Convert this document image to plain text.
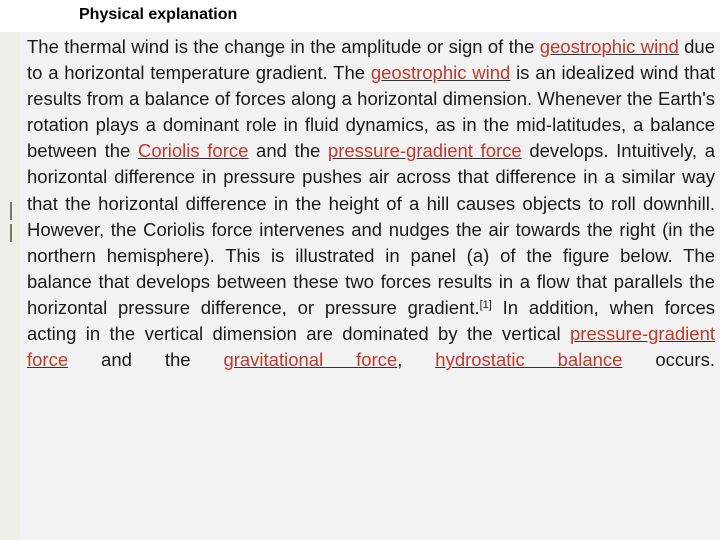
Physical explanation

The thermal wind is the change in the amplitude or sign of the geostrophic wind due to a horizontal temperature gradient. The geostrophic wind is an idealized wind that results from a balance of forces along a horizontal dimension. Whenever the Earth's rotation plays a dominant role in fluid dynamics, as in the mid-latitudes, a balance between the Coriolis force and the pressure-gradient force develops. Intuitively, a horizontal difference in pressure pushes air across that difference in a similar way that the horizontal difference in the height of a hill causes objects to roll downhill. However, the Coriolis force intervenes and nudges the air towards the right (in the northern hemisphere). This is illustrated in panel (a) of the figure below. The balance that develops between these two forces results in a flow that parallels the horizontal pressure difference, or pressure gradient.[1] In addition, when forces acting in the vertical dimension are dominated by the vertical pressure-gradient force and the gravitational force, hydrostatic balance occurs.
